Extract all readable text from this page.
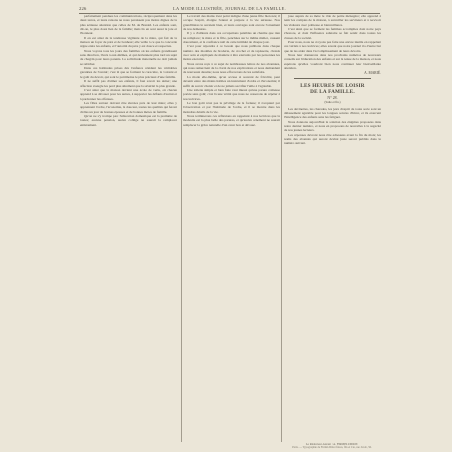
226	LA MODE ILLUSTRÉE, JOURNAL DE LA FAMILLE.

parfaitement pendues les communications, réciproquement dans les deux terres, et leurs raisons ne nous paraissent pas moins dignes de la plus sérieuse attention que celles de M. de Bonald. Les enfants sont, dit-on, le plus doux lien de la famille; mais ils en sont aussi la joie et l'honneur.

Il en est ainsi de la tendresse vigilante de la mère, qui fait de la maison un foyer de paix et de bonheur; elle veille à ce que la concorde règne entre les enfants, et l'autorité du père y est douce et respectée.

Nous voyons tous les jours des familles où les enfants grandissent sans direction, livrés à eux-mêmes, et qui deviennent plus tard un sujet de chagrin pour leurs parents. La sollicitude maternelle ne doit jamais se relâcher.

Dans ces habitudes prises dès l'enfance résident les véritables garanties de l'avenir; c'est là que se forment le caractère, la volonté et le goût du devoir, qui sont le patrimoine le plus précieux d'une famille.

Il ne suffit pas d'aimer ses enfants, il faut savoir les aimer; une affection aveugle les perd plus sûrement que la sévérité la plus grande.

C'est ainsi que la maison devient une école de vertu, où chacun apprend à se dévouer pour les autres, à supporter les défauts d'autrui et à pardonner les offenses.

Les filles surtout doivent être élevées près de leur mère; elles y apprennent l'ordre, l'économie, la douceur, toutes les qualités qui feront d'elles un jour de bonnes épouses et de bonnes mères de famille.

Qu'on ne s'y trompe pas: l'éducation domestique est la première de toutes; aucune pension, aucun collège ne saurait la remplacer entièrement.

Le travail des mains n'est point indigne d'une jeune fille bien née; il occupe l'esprit, éloigne l'ennui et prépare à la vie sérieuse. Nos grand'mères le savaient bien, et leurs ouvrages sont encore l'ornement de nos demeures.

Il y a d'ailleurs dans ces occupations paisibles un charme que rien ne remplace; la mère et la fille, penchées sur le même métier, causent doucement, et la confiance naît de cette intimité de chaque jour.

C'est pour répondre à ce besoin que nous publions dans chaque numéro des modèles de broderie, de crochet et de tapisserie, choisis avec soin et expliqués de manière à être exécutés par les personnes les moins exercées.

Nous avons reçu à ce sujet de nombreuses lettres de nos abonnées, qui nous remercient de la clarté de nos explications et nous demandent de nouveaux dessins; nous nous efforcerons de les satisfaire.

La mode elle-même, qu'on accuse si souvent de frivolité, peut devenir entre des mains habiles un instrument d'ordre et d'économie; il suffit de savoir choisir et de ne jamais sacrifier l'utile à l'agréable.

Une toilette simple et bien faite vaut mieux qu'une parure coûteuse portée sans goût; c'est là une vérité que nous ne cesserons de répéter à nos lectrices.

Le bon goût n'est pas le privilège de la fortune; il s'acquiert par l'observation et par l'habitude de l'ordre, et il se montre dans les moindres détails de la vie.

Nous terminerons ces réflexions en rappelant à nos lectrices que la modestie est la plus belle des parures, et qu'aucun ornement ne saurait remplacer la grâce naturelle d'un cœur bon et dévoué.

joue auprès de sa mère le rôle de petite ménagère; elle apprend à tenir les comptes de la maison, à surveiller les serviteurs et à recevoir les visiteurs avec politesse et bienveillance.

C'est ainsi que se forment les femmes accomplies dont notre pays s'honore, et dont l'influence salutaire se fait sentir dans toutes les classes de la société.

Pour nous, nous ne croyons pas faire une œuvre inutile en rappelant ces vérités à nos lectrices; elles savent que notre journal n'a d'autre but que de les aider dans l'accomplissement de leurs devoirs.

Nous leur donnerons dans nos prochains numéros de nouveaux conseils sur l'éducation des enfants et sur la tenue de la maison, et nous espérons qu'elles voudront bien nous continuer leur bienveillante attention.

A. MARIÉ.
LES HEURES DE LOISIR
DE LA FAMILLE.
N° 28.
(Suite et fin.)

Les devinettes, les charades, les jeux d'esprit de toute sorte sont un délassement agréable pour les longues soirées d'hiver, et ils exercent l'intelligence des enfants sans les fatiguer.

Nous donnons aujourd'hui la solution des énigmes proposées dans notre dernier numéro, et nous en proposons de nouvelles à la sagacité de nos jeunes lecteurs.

Les réponses devront nous être adressées avant la fin du mois; les noms des abonnés qui auront deviné juste seront publiés dans le numéro suivant.

Le Rédacteur-Gérant : A. FIRMIN-DIDOT.
Paris. — Typographie de Firmin Didot frères, fils et Cie, rue Jacob, 56.
